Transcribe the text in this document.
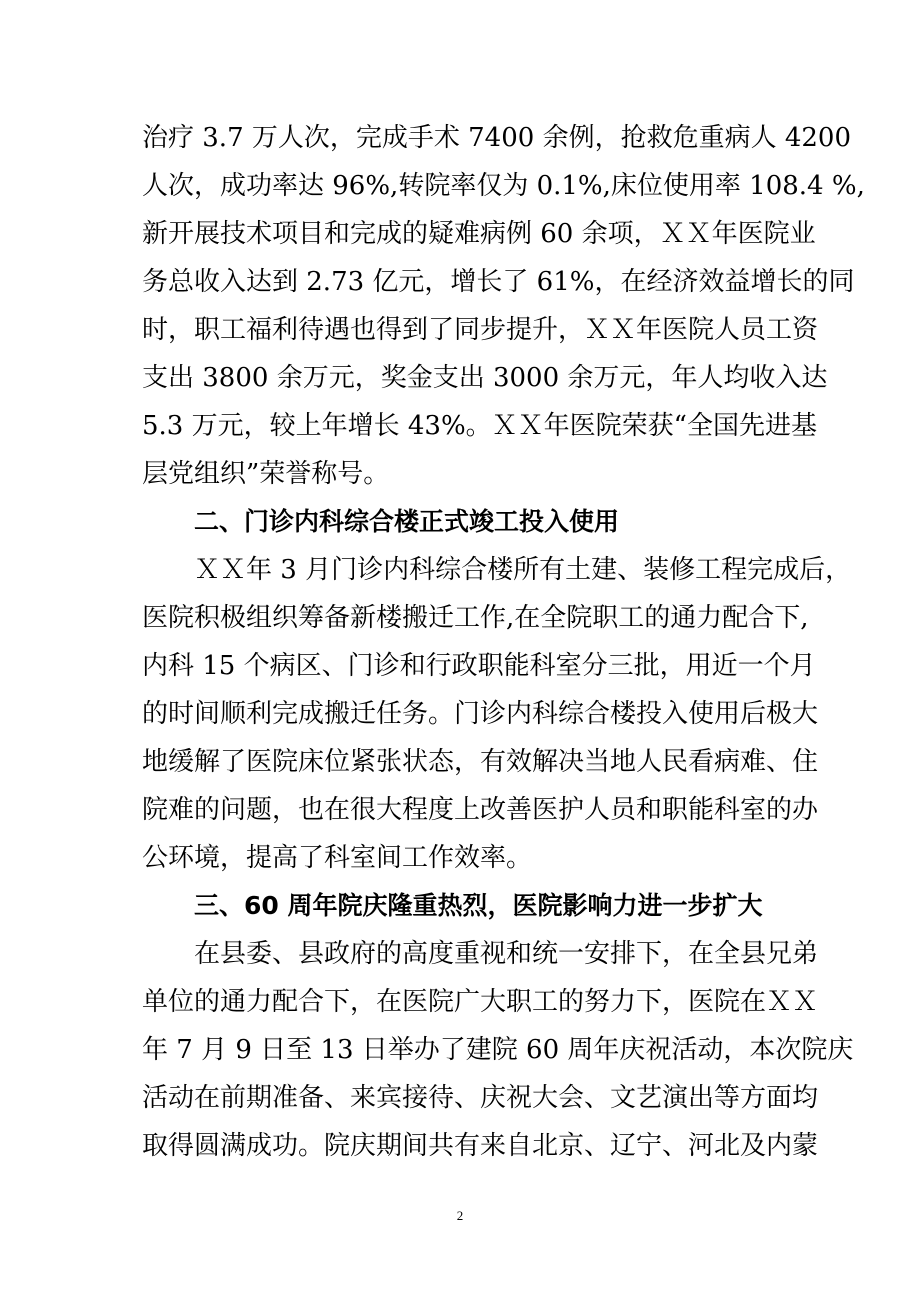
治疗 3.7 万人次，完成手术 7400 余例，抢救危重病人 4200
人次，成功率达 96%,转院率仅为 0.1%,床位使用率 108.4 %,
新开展技术项目和完成的疑难病例 60 余项，ＸＸ年医院业
务总收入达到 2.73 亿元，增长了 61%，在经济效益增长的同
时，职工福利待遇也得到了同步提升，ＸＸ年医院人员工资
支出 3800 余万元，奖金支出 3000 余万元，年人均收入达
5.3 万元，较上年增长 43%。ＸＸ年医院荣获“全国先进基
层党组织”荣誉称号。
二、门诊内科综合楼正式竣工投入使用
ＸＸ年 3 月门诊内科综合楼所有土建、装修工程完成后，
医院积极组织筹备新楼搬迁工作,在全院职工的通力配合下,
内科 15 个病区、门诊和行政职能科室分三批，用近一个月
的时间顺利完成搬迁任务。门诊内科综合楼投入使用后极大
地缓解了医院床位紧张状态，有效解决当地人民看病难、住
院难的问题，也在很大程度上改善医护人员和职能科室的办
公环境，提高了科室间工作效率。
三、60 周年院庆隆重热烈，医院影响力进一步扩大
在县委、县政府的高度重视和统一安排下，在全县兄弟
单位的通力配合下，在医院广大职工的努力下，医院在ＸＸ
年 7 月 9 日至 13 日举办了建院 60 周年庆祝活动，本次院庆
活动在前期准备、来宾接待、庆祝大会、文艺演出等方面均
取得圆满成功。院庆期间共有来自北京、辽宁、河北及内蒙
2
